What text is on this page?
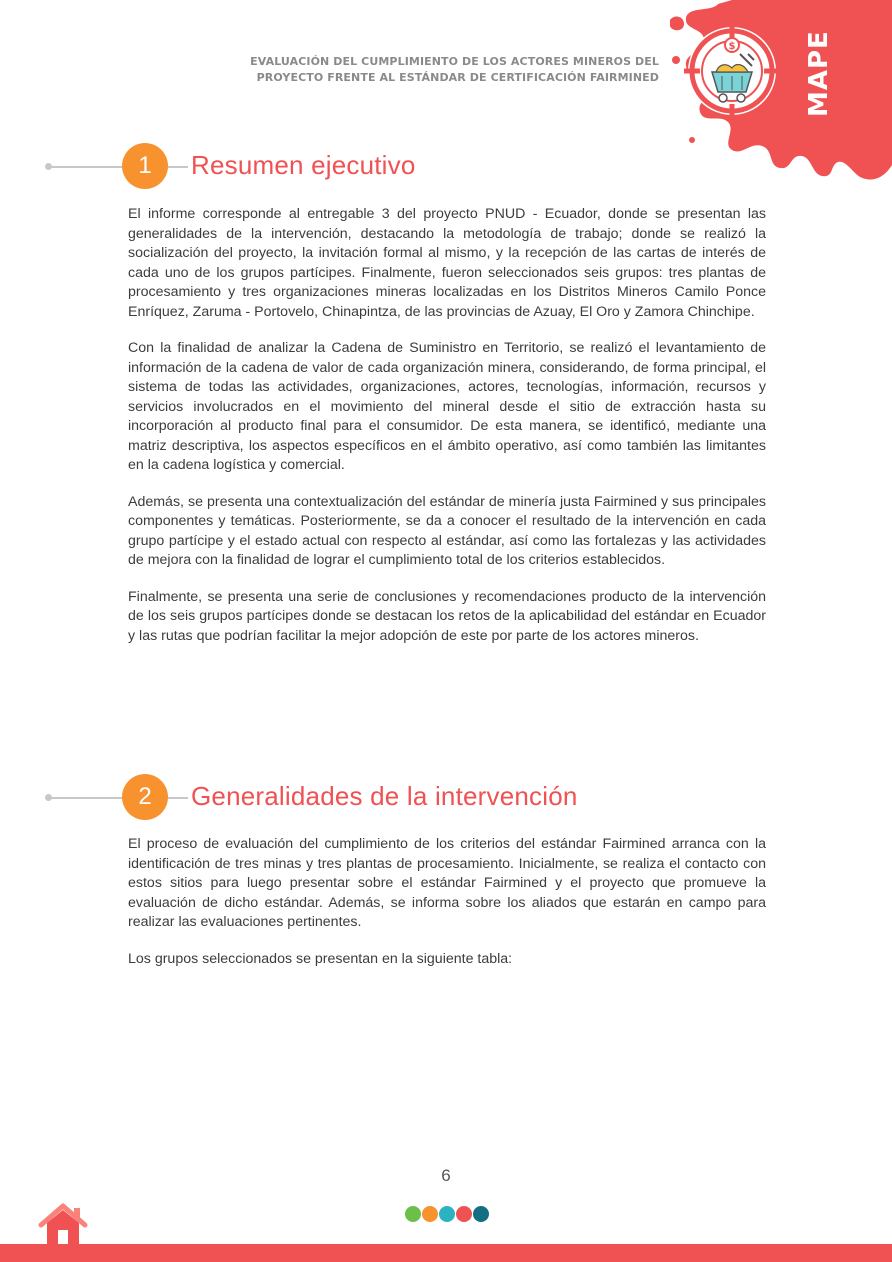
EVALUACIÓN DEL CUMPLIMIENTO DE LOS ACTORES MINEROS DEL
PROYECTO FRENTE AL ESTÁNDAR DE CERTIFICACIÓN FAIRMINED
$	MAPE
1	Resumen ejecutivo

El informe corresponde al entregable 3 del proyecto PNUD - Ecuador, donde se presentan las generalidades de la intervención, destacando la metodología de trabajo; donde se realizó la socialización del proyecto, la invitación formal al mismo, y la recepción de las cartas de interés de cada uno de los grupos partícipes. Finalmente, fueron seleccionados seis grupos: tres plantas de procesamiento y tres organizaciones mineras localizadas en los Distritos Mineros Camilo Ponce Enríquez, Zaruma - Portovelo, Chinapintza, de las provincias de Azuay, El Oro y Zamora Chinchipe.

Con la finalidad de analizar la Cadena de Suministro en Territorio, se realizó el levantamiento de información de la cadena de valor de cada organización minera, considerando, de forma principal, el sistema de todas las actividades, organizaciones, actores, tecnologías, información, recursos y servicios involucrados en el movimiento del mineral desde el sitio de extracción hasta su incorporación al producto final para el consumidor. De esta manera, se identificó, mediante una matriz descriptiva, los aspectos específicos en el ámbito operativo, así como también las limitantes en la cadena logística y comercial.

Además, se presenta una contextualización del estándar de minería justa Fairmined y sus principales componentes y temáticas. Posteriormente, se da a conocer el resultado de la intervención en cada grupo partícipe y el estado actual con respecto al estándar, así como las fortalezas y las actividades de mejora con la finalidad de lograr el cumplimiento total de los criterios establecidos.

Finalmente, se presenta una serie de conclusiones y recomendaciones producto de la intervención de los seis grupos partícipes donde se destacan los retos de la aplicabilidad del estándar en Ecuador y las rutas que podrían facilitar la mejor adopción de este por parte de los actores mineros.

2	Generalidades de la intervención

El proceso de evaluación del cumplimiento de los criterios del estándar Fairmined arranca con la identificación de tres minas y tres plantas de procesamiento. Inicialmente, se realiza el contacto con estos sitios para luego presentar sobre el estándar Fairmined y el proyecto que promueve la evaluación de dicho estándar. Además, se informa sobre los aliados que estarán en campo para realizar las evaluaciones pertinentes.

Los grupos seleccionados se presentan en la siguiente tabla:

6
